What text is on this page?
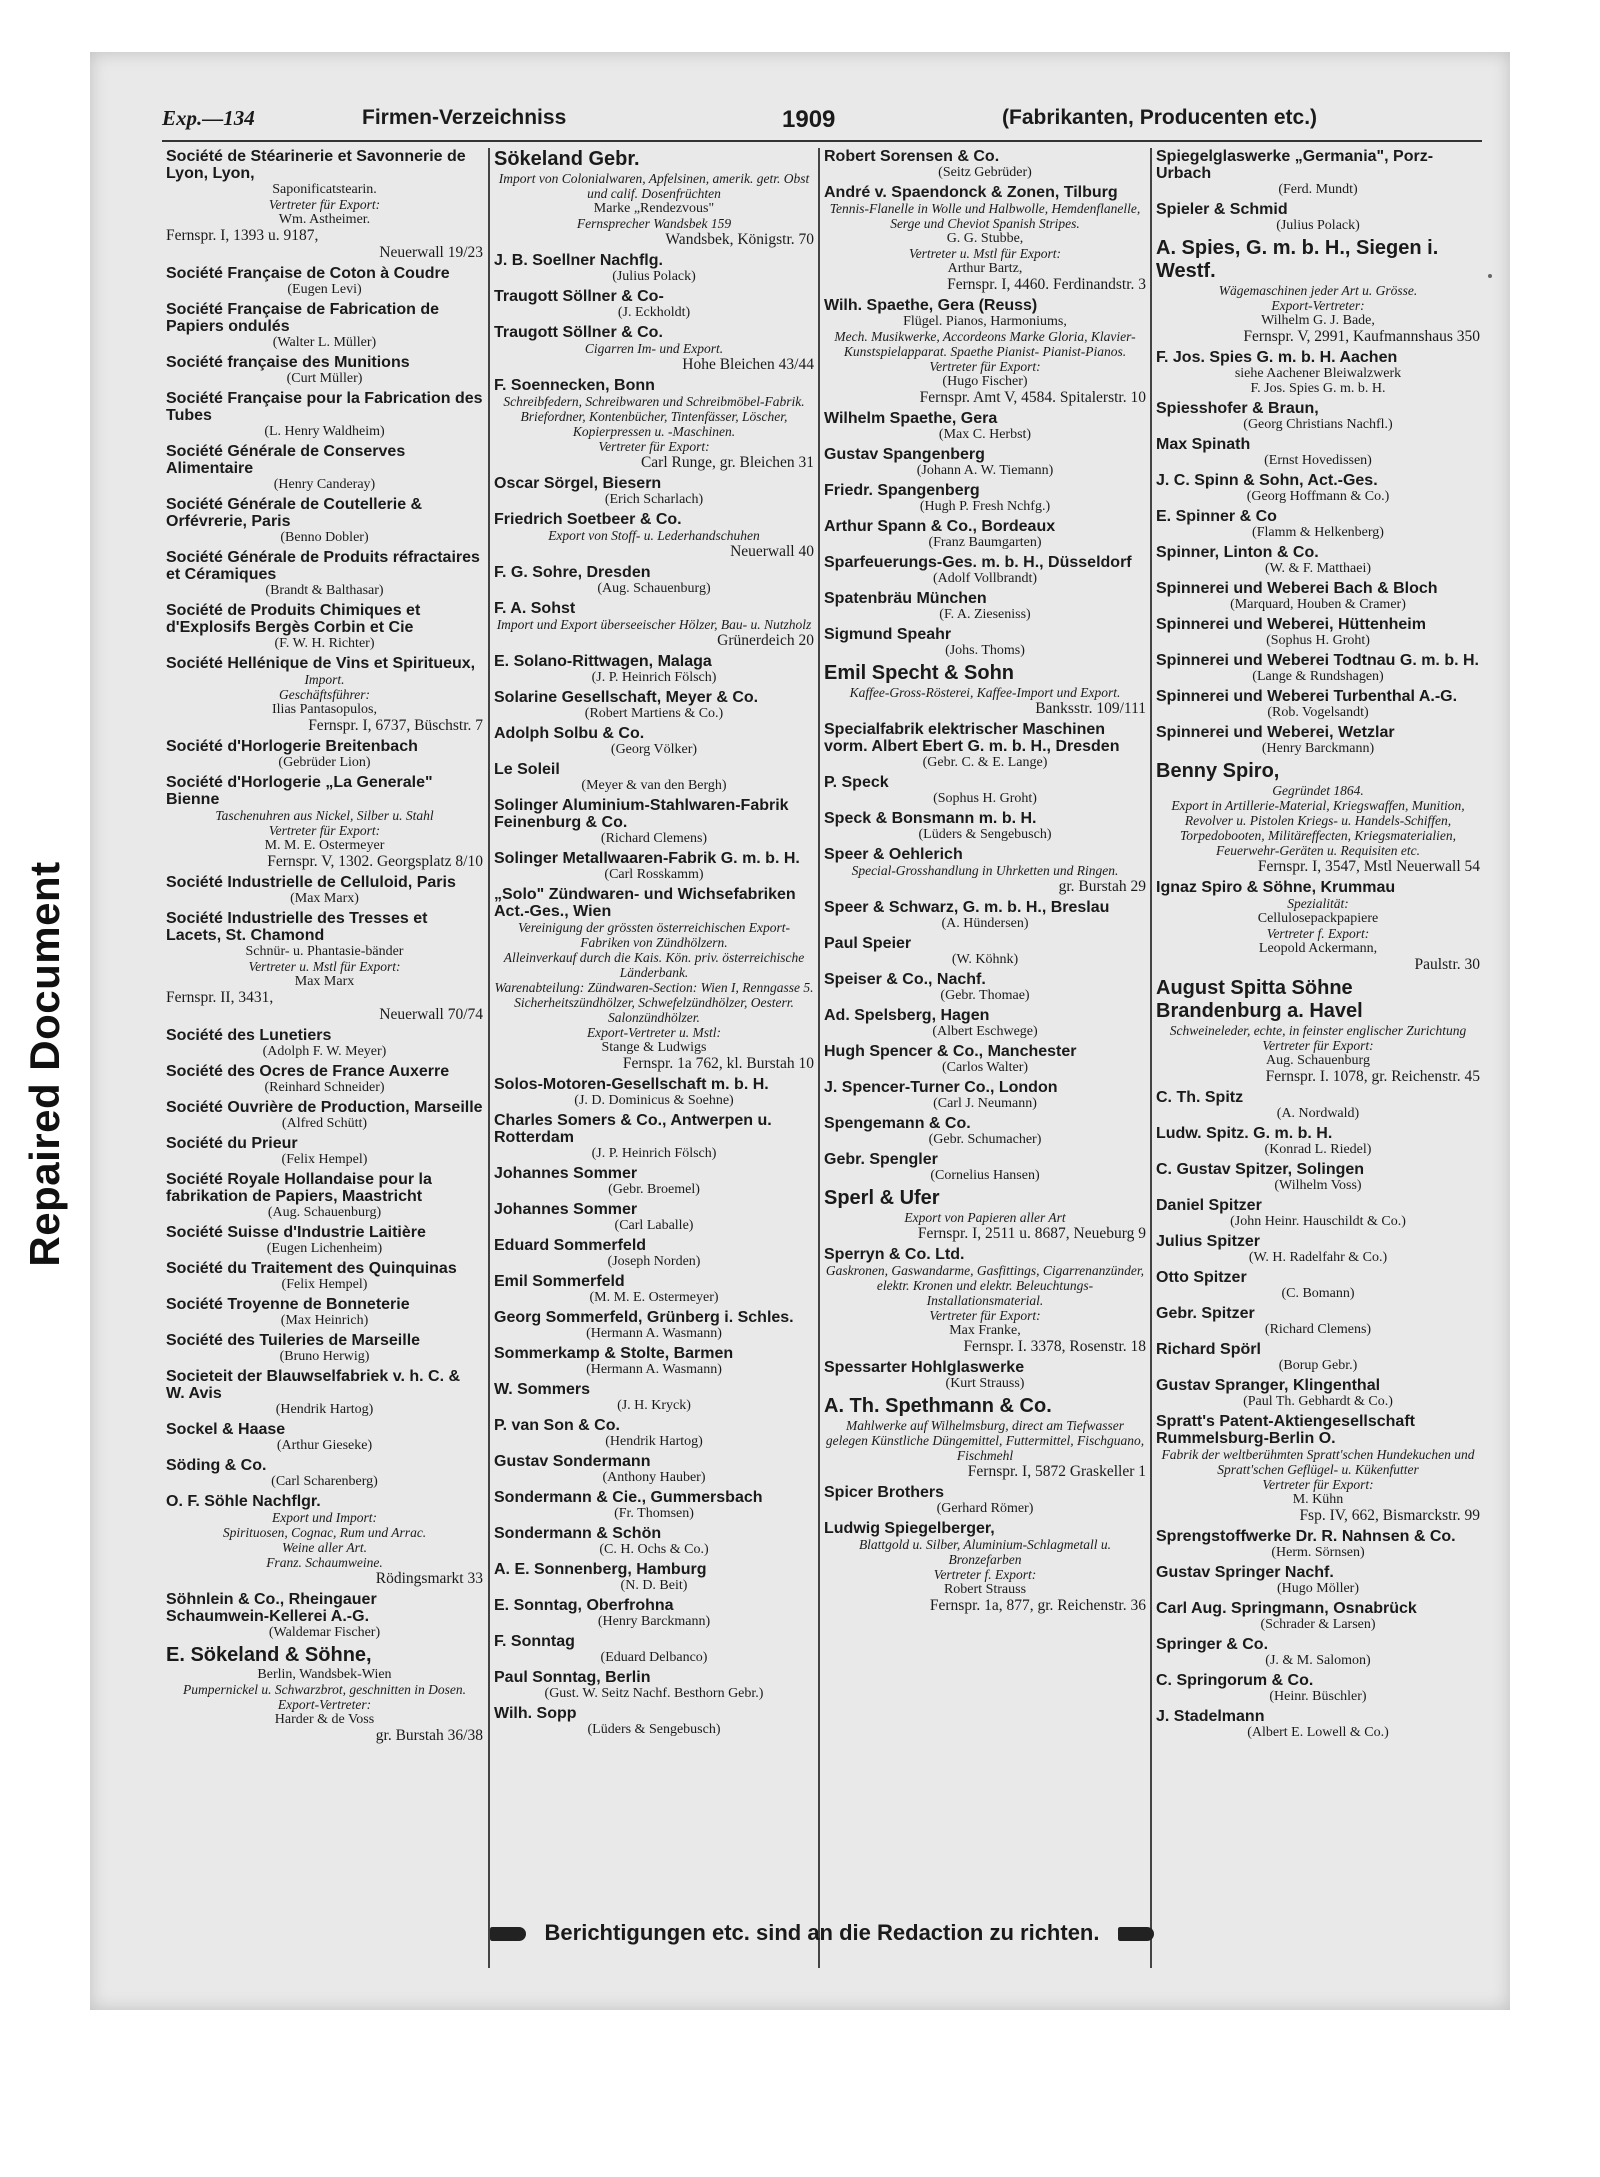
Repaired Document
Exp.—134	Firmen-Verzeichniss	1909	(Fabrikanten, Producenten etc.)
Société de Stéarinerie et Savonnerie de Lyon, Lyon,
Saponificatstearin.
Vertreter für Export:
Wm. Astheimer.
Fernspr. I, 1393 u. 9187,
Neuerwall 19/23
Société Française de Coton à Coudre
(Eugen Levi)
Société Française de Fabrication de Papiers ondulés
(Walter L. Müller)
Société française des Munitions
(Curt Müller)
Société Française pour la Fabrication des Tubes
(L. Henry Waldheim)
Société Générale de Conserves Alimentaire
(Henry Canderay)
Société Générale de Coutellerie & Orfévrerie, Paris
(Benno Dobler)
Société Générale de Produits réfractaires et Céramiques
(Brandt & Balthasar)
Société de Produits Chimiques et d'Explosifs Bergès Corbin et Cie
(F. W. H. Richter)
Société Hellénique de Vins et Spiritueux,
Import.
Geschäftsführer:
Ilias Pantasopulos,
Fernspr. I, 6737, Büschstr. 7
Société d'Horlogerie Breitenbach
(Gebrüder Lion)
Société d'Horlogerie „La Generale" Bienne
Taschenuhren aus Nickel, Silber u. Stahl
Vertreter für Export:
M. M. E. Ostermeyer
Fernspr. V, 1302. Georgsplatz 8/10
Société Industrielle de Celluloid, Paris
(Max Marx)
Société Industrielle des Tresses et Lacets, St. Chamond
Schnür- u. Phantasie-bänder
Vertreter u. Mstl für Export:
Max Marx
Fernspr. II, 3431,
Neuerwall 70/74
Société des Lunetiers
(Adolph F. W. Meyer)
Société des Ocres de France Auxerre
(Reinhard Schneider)
Société Ouvrière de Production, Marseille
(Alfred Schütt)
Société du Prieur
(Felix Hempel)
Société Royale Hollandaise pour la fabrikation de Papiers, Maastricht
(Aug. Schauenburg)
Société Suisse d'Industrie Laitière
(Eugen Lichenheim)
Société du Traitement des Quinquinas
(Felix Hempel)
Société Troyenne de Bonneterie
(Max Heinrich)
Société des Tuileries de Marseille
(Bruno Herwig)
Societeit der Blauwselfabriek v. h. C. & W. Avis
(Hendrik Hartog)
Sockel & Haase
(Arthur Gieseke)
Söding & Co.
(Carl Scharenberg)
O. F. Söhle Nachflgr.
Export und Import:
Spirituosen, Cognac, Rum und Arrac.
Weine aller Art.
Franz. Schaumweine.
Rödingsmarkt 33
Söhnlein & Co., Rheingauer Schaumwein-Kellerei A.-G.
(Waldemar Fischer)
E. Sökeland & Söhne,
Berlin, Wandsbek-Wien
Pumpernickel u. Schwarzbrot, geschnitten in Dosen.
Export-Vertreter:
Harder & de Voss
gr. Burstah 36/38
Sökeland Gebr.
Import von Colonialwaren, Apfelsinen, amerik. getr. Obst und calif. Dosenfrüchten
Marke „Rendezvous"
Fernsprecher Wandsbek 159
Wandsbek, Königstr. 70
J. B. Soellner Nachflg.
(Julius Polack)
Traugott Söllner & Co-
(J. Eckholdt)
Traugott Söllner & Co.
Cigarren Im- und Export.
Hohe Bleichen 43/44
F. Soennecken, Bonn
Schreibfedern, Schreibwaren und Schreibmöbel-Fabrik. Briefordner, Kontenbücher, Tintenfässer, Löscher, Kopierpressen u. -Maschinen.
Vertreter für Export:
Carl Runge, gr. Bleichen 31
Oscar Sörgel, Biesern
(Erich Scharlach)
Friedrich Soetbeer & Co.
Export von Stoff- u. Lederhandschuhen
Neuerwall 40
F. G. Sohre, Dresden
(Aug. Schauenburg)
F. A. Sohst
Import und Export überseeischer Hölzer, Bau- u. Nutzholz
Grünerdeich 20
E. Solano-Rittwagen, Malaga
(J. P. Heinrich Fölsch)
Solarine Gesellschaft, Meyer & Co.
(Robert Martiens & Co.)
Adolph Solbu & Co.
(Georg Völker)
Le Soleil
(Meyer & van den Bergh)
Solinger Aluminium-Stahlwaren-Fabrik Feinenburg & Co.
(Richard Clemens)
Solinger Metallwaaren-Fabrik G. m. b. H.
(Carl Rosskamm)
„Solo" Zündwaren- und Wichsefabriken Act.-Ges., Wien
Vereinigung der grössten österreichischen Export-Fabriken von Zündhölzern.
Alleinverkauf durch die Kais. Kön. priv. österreichische Länderbank.
Warenabteilung: Zündwaren-Section: Wien I, Renngasse 5. Sicherheitszündhölzer, Schwefelzündhölzer, Oesterr. Salonzündhölzer.
Export-Vertreter u. Mstl:
Stange & Ludwigs
Fernspr. 1a 762, kl. Burstah 10
Solos-Motoren-Gesellschaft m. b. H.
(J. D. Dominicus & Soehne)
Charles Somers & Co., Antwerpen u. Rotterdam
(J. P. Heinrich Fölsch)
Johannes Sommer
(Gebr. Broemel)
Johannes Sommer
(Carl Laballe)
Eduard Sommerfeld
(Joseph Norden)
Emil Sommerfeld
(M. M. E. Ostermeyer)
Georg Sommerfeld, Grünberg i. Schles.
(Hermann A. Wasmann)
Sommerkamp & Stolte, Barmen
(Hermann A. Wasmann)
W. Sommers
(J. H. Kryck)
P. van Son & Co.
(Hendrik Hartog)
Gustav Sondermann
(Anthony Hauber)
Sondermann & Cie., Gummersbach
(Fr. Thomsen)
Sondermann & Schön
(C. H. Ochs & Co.)
A. E. Sonnenberg, Hamburg
(N. D. Beit)
E. Sonntag, Oberfrohna
(Henry Barckmann)
F. Sonntag
(Eduard Delbanco)
Paul Sonntag, Berlin
(Gust. W. Seitz Nachf. Besthorn Gebr.)
Wilh. Sopp
(Lüders & Sengebusch)
Robert Sorensen & Co.
(Seitz Gebrüder)
André v. Spaendonck & Zonen, Tilburg
Tennis-Flanelle in Wolle und Halbwolle, Hemdenflanelle, Serge und Cheviot Spanish Stripes.
G. G. Stubbe,
Vertreter u. Mstl für Export:
Arthur Bartz,
Fernspr. I, 4460. Ferdinandstr. 3
Wilh. Spaethe, Gera (Reuss)
Flügel. Pianos, Harmoniums,
Mech. Musikwerke, Accordeons Marke Gloria, Klavier-Kunstspielapparat. Spaethe Pianist- Pianist-Pianos.
Vertreter für Export:
(Hugo Fischer)
Fernspr. Amt V, 4584. Spitalerstr. 10
Wilhelm Spaethe, Gera
(Max C. Herbst)
Gustav Spangenberg
(Johann A. W. Tiemann)
Friedr. Spangenberg
(Hugh P. Fresh Nchfg.)
Arthur Spann & Co., Bordeaux
(Franz Baumgarten)
Sparfeuerungs-Ges. m. b. H., Düsseldorf
(Adolf Vollbrandt)
Spatenbräu München
(F. A. Zieseniss)
Sigmund Speahr
(Johs. Thoms)
Emil Specht & Sohn
Kaffee-Gross-Rösterei, Kaffee-Import und Export.
Banksstr. 109/111
Specialfabrik elektrischer Maschinen vorm. Albert Ebert G. m. b. H., Dresden
(Gebr. C. & E. Lange)
P. Speck
(Sophus H. Groht)
Speck & Bonsmann m. b. H.
(Lüders & Sengebusch)
Speer & Oehlerich
Special-Grosshandlung in Uhrketten und Ringen.
gr. Burstah 29
Speer & Schwarz, G. m. b. H., Breslau
(A. Hündersen)
Paul Speier
(W. Köhnk)
Speiser & Co., Nachf.
(Gebr. Thomae)
Ad. Spelsberg, Hagen
(Albert Eschwege)
Hugh Spencer & Co., Manchester
(Carlos Walter)
J. Spencer-Turner Co., London
(Carl J. Neumann)
Spengemann & Co.
(Gebr. Schumacher)
Gebr. Spengler
(Cornelius Hansen)
Sperl & Ufer
Export von Papieren aller Art
Fernspr. I, 2511 u. 8687, Neueburg 9
Sperryn & Co. Ltd.
Gaskronen, Gaswandarme, Gasfittings, Cigarrenanzünder, elektr. Kronen und elektr. Beleuchtungs-Installationsmaterial.
Vertreter für Export:
Max Franke,
Fernspr. I. 3378, Rosenstr. 18
Spessarter Hohlglaswerke
(Kurt Strauss)
A. Th. Spethmann & Co.
Mahlwerke auf Wilhelmsburg, direct am Tiefwasser gelegen Künstliche Düngemittel, Futtermittel, Fischguano, Fischmehl
Fernspr. I, 5872 Graskeller 1
Spicer Brothers
(Gerhard Römer)
Ludwig Spiegelberger,
Blattgold u. Silber, Aluminium-Schlagmetall u. Bronzefarben
Vertreter f. Export:
Robert Strauss
Fernspr. 1a, 877, gr. Reichenstr. 36
Spiegelglaswerke „Germania", Porz-Urbach
(Ferd. Mundt)
Spieler & Schmid
(Julius Polack)
A. Spies, G. m. b. H., Siegen i. Westf.
Wägemaschinen jeder Art u. Grösse.
Export-Vertreter:
Wilhelm G. J. Bade,
Fernspr. V, 2991, Kaufmannshaus 350
F. Jos. Spies G. m. b. H. Aachen
siehe Aachener Bleiwalzwerk
F. Jos. Spies G. m. b. H.
Spiesshofer & Braun,
(Georg Christians Nachfl.)
Max Spinath
(Ernst Hovedissen)
J. C. Spinn & Sohn, Act.-Ges.
(Georg Hoffmann & Co.)
E. Spinner & Co
(Flamm & Helkenberg)
Spinner, Linton & Co.
(W. & F. Matthaei)
Spinnerei und Weberei Bach & Bloch
(Marquard, Houben & Cramer)
Spinnerei und Weberei, Hüttenheim
(Sophus H. Groht)
Spinnerei und Weberei Todtnau G. m. b. H.
(Lange & Rundshagen)
Spinnerei und Weberei Turbenthal A.-G.
(Rob. Vogelsandt)
Spinnerei und Weberei, Wetzlar
(Henry Barckmann)
Benny Spiro,
Gegründet 1864.
Export in Artillerie-Material, Kriegswaffen, Munition, Revolver u. Pistolen Kriegs- u. Handels-Schiffen, Torpedobooten, Militäreffecten, Kriegsmaterialien, Feuerwehr-Geräten u. Requisiten etc.
Fernspr. I, 3547, Mstl Neuerwall 54
Ignaz Spiro & Söhne, Krummau
Spezialität:
Cellulosepackpapiere
Vertreter f. Export:
Leopold Ackermann,
Paulstr. 30
August Spitta Söhne Brandenburg a. Havel
Schweineleder, echte, in feinster englischer Zurichtung
Vertreter für Export:
Aug. Schauenburg
Fernspr. I. 1078, gr. Reichenstr. 45
C. Th. Spitz
(A. Nordwald)
Ludw. Spitz. G. m. b. H.
(Konrad L. Riedel)
C. Gustav Spitzer, Solingen
(Wilhelm Voss)
Daniel Spitzer
(John Heinr. Hauschildt & Co.)
Julius Spitzer
(W. H. Radelfahr & Co.)
Otto Spitzer
(C. Bomann)
Gebr. Spitzer
(Richard Clemens)
Richard Spörl
(Borup Gebr.)
Gustav Spranger, Klingenthal
(Paul Th. Gebhardt & Co.)
Spratt's Patent-Aktiengesellschaft Rummelsburg-Berlin O.
Fabrik der weltberühmten Spratt'schen Hundekuchen und Spratt'schen Geflügel- u. Kükenfutter
Vertreter für Export:
M. Kühn
Fsp. IV, 662, Bismarckstr. 99
Sprengstoffwerke Dr. R. Nahnsen & Co.
(Herm. Sörnsen)
Gustav Springer Nachf.
(Hugo Möller)
Carl Aug. Springmann, Osnabrück
(Schrader & Larsen)
Springer & Co.
(J. & M. Salomon)
C. Springorum & Co.
(Heinr. Büschler)
J. Stadelmann
(Albert E. Lowell & Co.)
Berichtigungen etc. sind an die Redaction zu richten.
